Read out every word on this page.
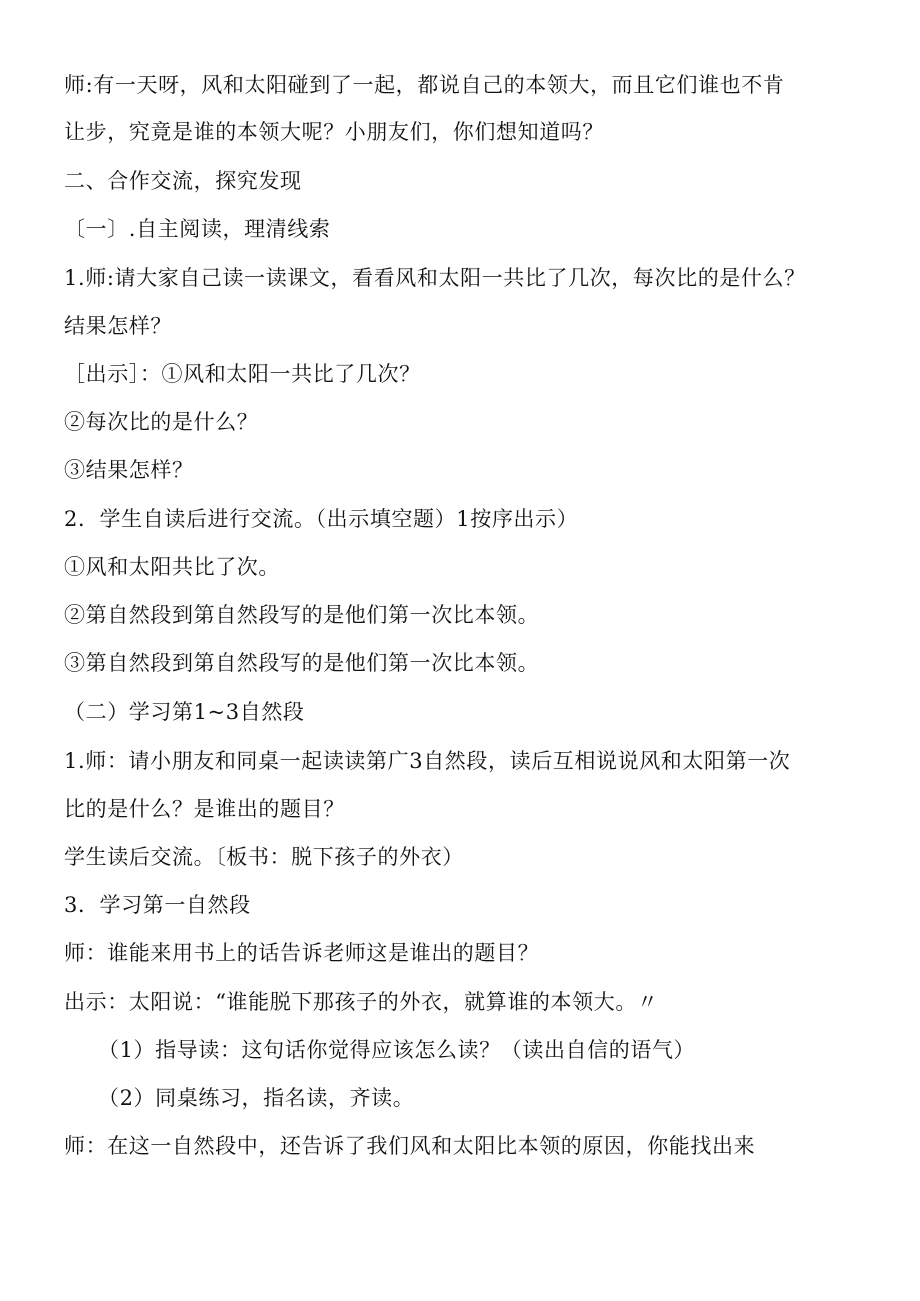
师:有一天呀，风和太阳碰到了一起，都说自己的本领大，而且它们谁也不肯
让步，究竟是谁的本领大呢？小朋友们，你们想知道吗？
二、合作交流，探究发现
〔一〕.自主阅读，理清线索
1.师:请大家自己读一读课文，看看风和太阳一共比了几次，每次比的是什么？
结果怎样？
［出示］：①风和太阳一共比了几次？
②每次比的是什么？
③结果怎样？
2．学生自读后进行交流。（出示填空题）1按序出示）
①风和太阳共比了次。
②第自然段到第自然段写的是他们第一次比本领。
③第自然段到第自然段写的是他们第一次比本领。
（二）学习第1~3自然段
1.师：请小朋友和同桌一起读读第广3自然段，读后互相说说风和太阳第一次
比的是什么？是谁出的题目？
学生读后交流。〔板书：脱下孩子的外衣）
3．学习第一自然段
师：谁能来用书上的话告诉老师这是谁出的题目？
出示：太阳说：“谁能脱下那孩子的外衣，就算谁的本领大。〃
（1）指导读：这句话你觉得应该怎么读？（读出自信的语气）
（2）同桌练习，指名读，齐读。
师：在这一自然段中，还告诉了我们风和太阳比本领的原因，你能找出来
